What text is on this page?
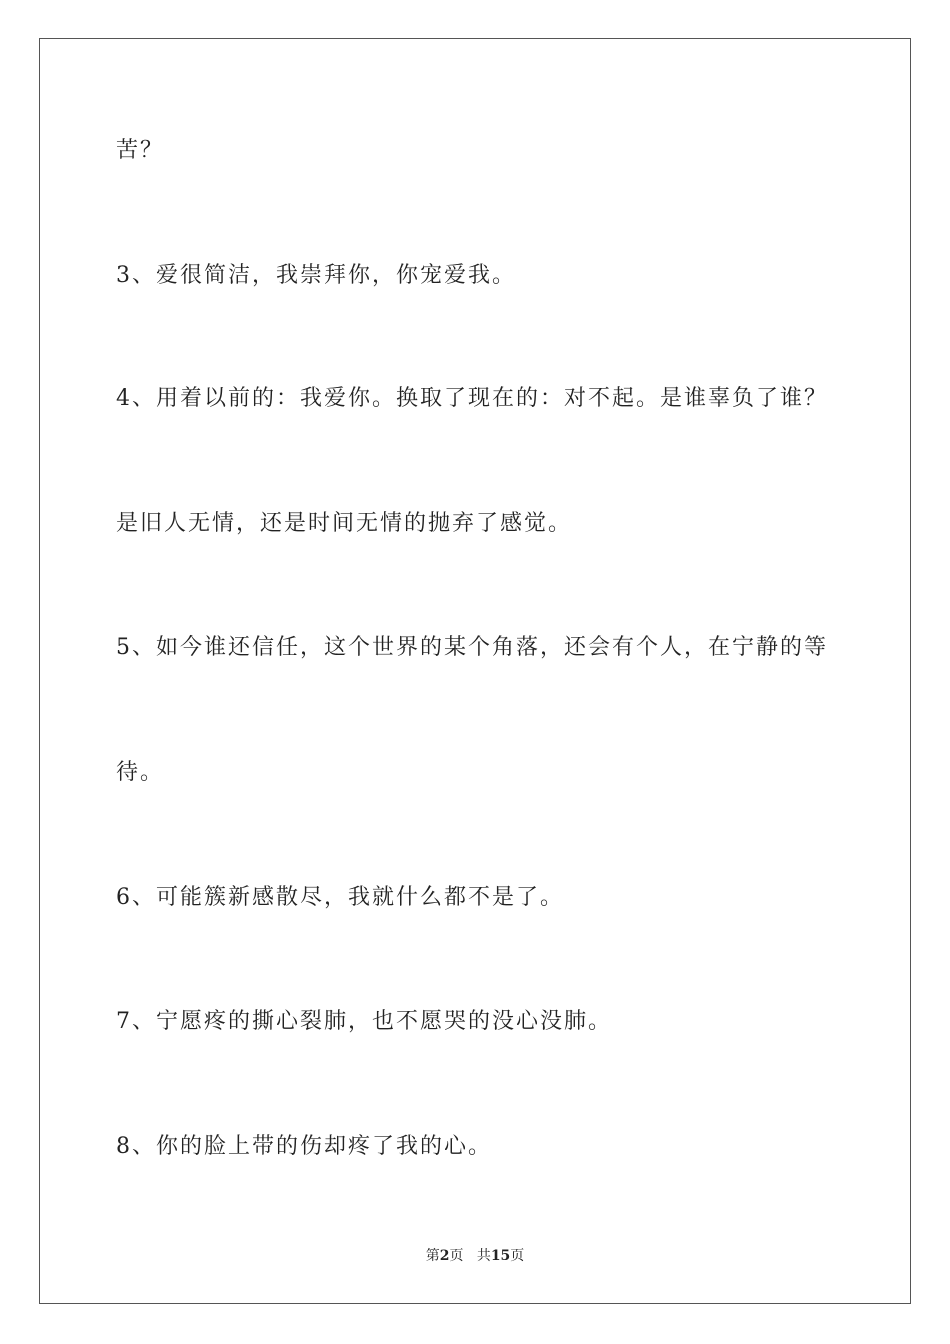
苦？
3、爱很简洁，我崇拜你，你宠爱我。
4、用着以前的：我爱你。换取了现在的：对不起。是谁辜负了谁？
是旧人无情，还是时间无情的抛弃了感觉。
5、如今谁还信任，这个世界的某个角落，还会有个人，在宁静的等
待。
6、可能簇新感散尽，我就什么都不是了。
7、宁愿疼的撕心裂肺，也不愿哭的没心没肺。
8、你的脸上带的伤却疼了我的心。
第2页 共15页
